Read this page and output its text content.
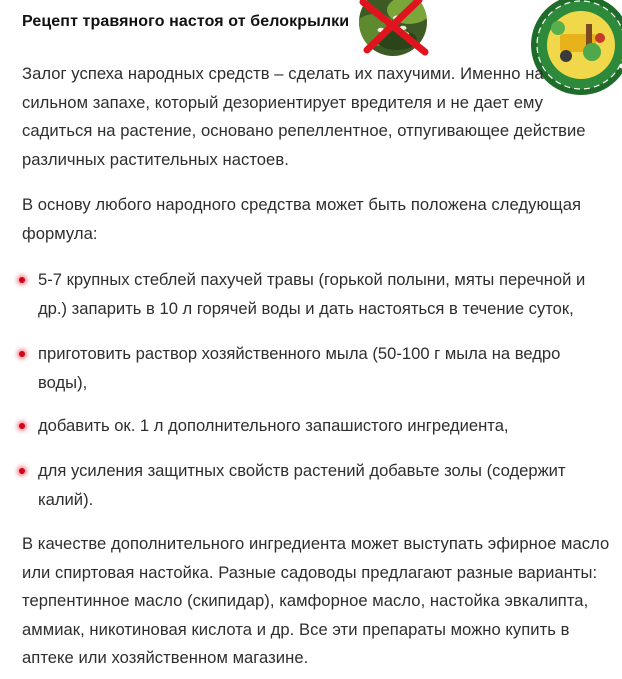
Рецепт травяного настоя от белокрылки

Залог успеха народных средств – сделать их пахучими. Именно на сильном запахе, который дезориентирует вредителя и не дает ему садиться на растение, основано репеллентное, отпугивающее действие различных растительных настоев.

В основу любого народного средства может быть положена следующая формула:

5-7 крупных стеблей пахучей травы (горькой полыни, мяты перечной и др.) запарить в 10 л горячей воды и дать настояться в течение суток,
приготовить раствор хозяйственного мыла (50-100 г мыла на ведро воды),
добавить ок. 1 л дополнительного запашистого ингредиента,
для усиления защитных свойств растений добавьте золы (содержит калий).

В качестве дополнительного ингредиента может выступать эфирное масло или спиртовая настойка. Разные садоводы предлагают разные варианты: терпентинное масло (скипидар), камфорное масло, настойка эвкалипта, аммиак, никотиновая кислота и др. Все эти препараты можно купить в аптеке или хозяйственном магазине.
